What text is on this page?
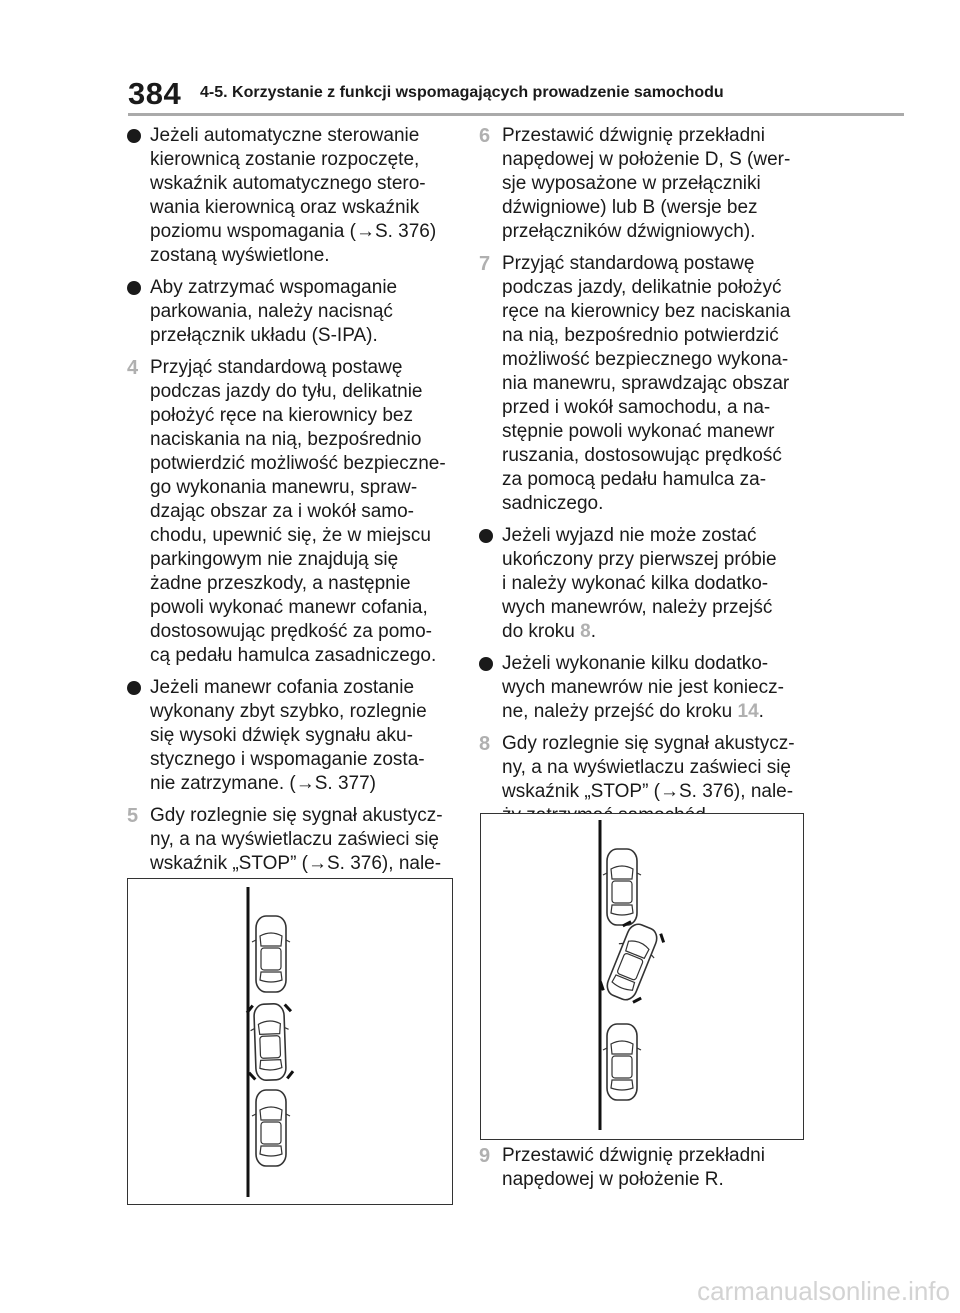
384 4-5. Korzystanie z funkcji wspomagających prowadzenie samochodu
Jeżeli automatyczne sterowanie
kierownicą zostanie rozpoczęte,
wskaźnik automatycznego stero-
wania kierownicą oraz wskaźnik
poziomu wspomagania (→S. 376)
zostaną wyświetlone.
Aby zatrzymać wspomaganie
parkowania, należy nacisnąć
przełącznik układu (S-IPA).
4 Przyjąć standardową postawę
podczas jazdy do tyłu, delikatnie
położyć ręce na kierownicy bez
naciskania na nią, bezpośrednio
potwierdzić możliwość bezpieczne-
go wykonania manewru, spraw-
dzając obszar za i wokół samo-
chodu, upewnić się, że w miejscu
parkingowym nie znajdują się
żadne przeszkody, a następnie
powoli wykonać manewr cofania,
dostosowując prędkość za pomo-
cą pedału hamulca zasadniczego.
Jeżeli manewr cofania zostanie
wykonany zbyt szybko, rozlegnie
się wysoki dźwięk sygnału aku-
stycznego i wspomaganie zosta-
nie zatrzymane. (→S. 377)
5 Gdy rozlegnie się sygnał akustycz-
ny, a na wyświetlaczu zaświeci się
wskaźnik „STOP” (→S. 376), nale-
6 Przestawić dźwignię przekładni
napędowej w położenie D, S (wer-
sje wyposażone w przełączniki
dźwigniowe) lub B (wersje bez
przełączników dźwigniowych).
7 Przyjąć standardową postawę
podczas jazdy, delikatnie położyć
ręce na kierownicy bez naciskania
na nią, bezpośrednio potwierdzić
możliwość bezpiecznego wykona-
nia manewru, sprawdzając obszar
przed i wokół samochodu, a na-
stępnie powoli wykonać manewr
ruszania, dostosowując prędkość
za pomocą pedału hamulca za-
sadniczego.
Jeżeli wyjazd nie może zostać
ukończony przy pierwszej próbie
i należy wykonać kilka dodatko-
wych manewrów, należy przejść
do kroku 8.
Jeżeli wykonanie kilku dodatko-
wych manewrów nie jest koniecz-
ne, należy przejść do kroku 14.
8 Gdy rozlegnie się sygnał akustycz-
ny, a na wyświetlaczu zaświeci się
wskaźnik „STOP” (→S. 376), nale-
9 Przestawić dźwignię przekładni
napędowej w położenie R.
carmanualsonline.info
